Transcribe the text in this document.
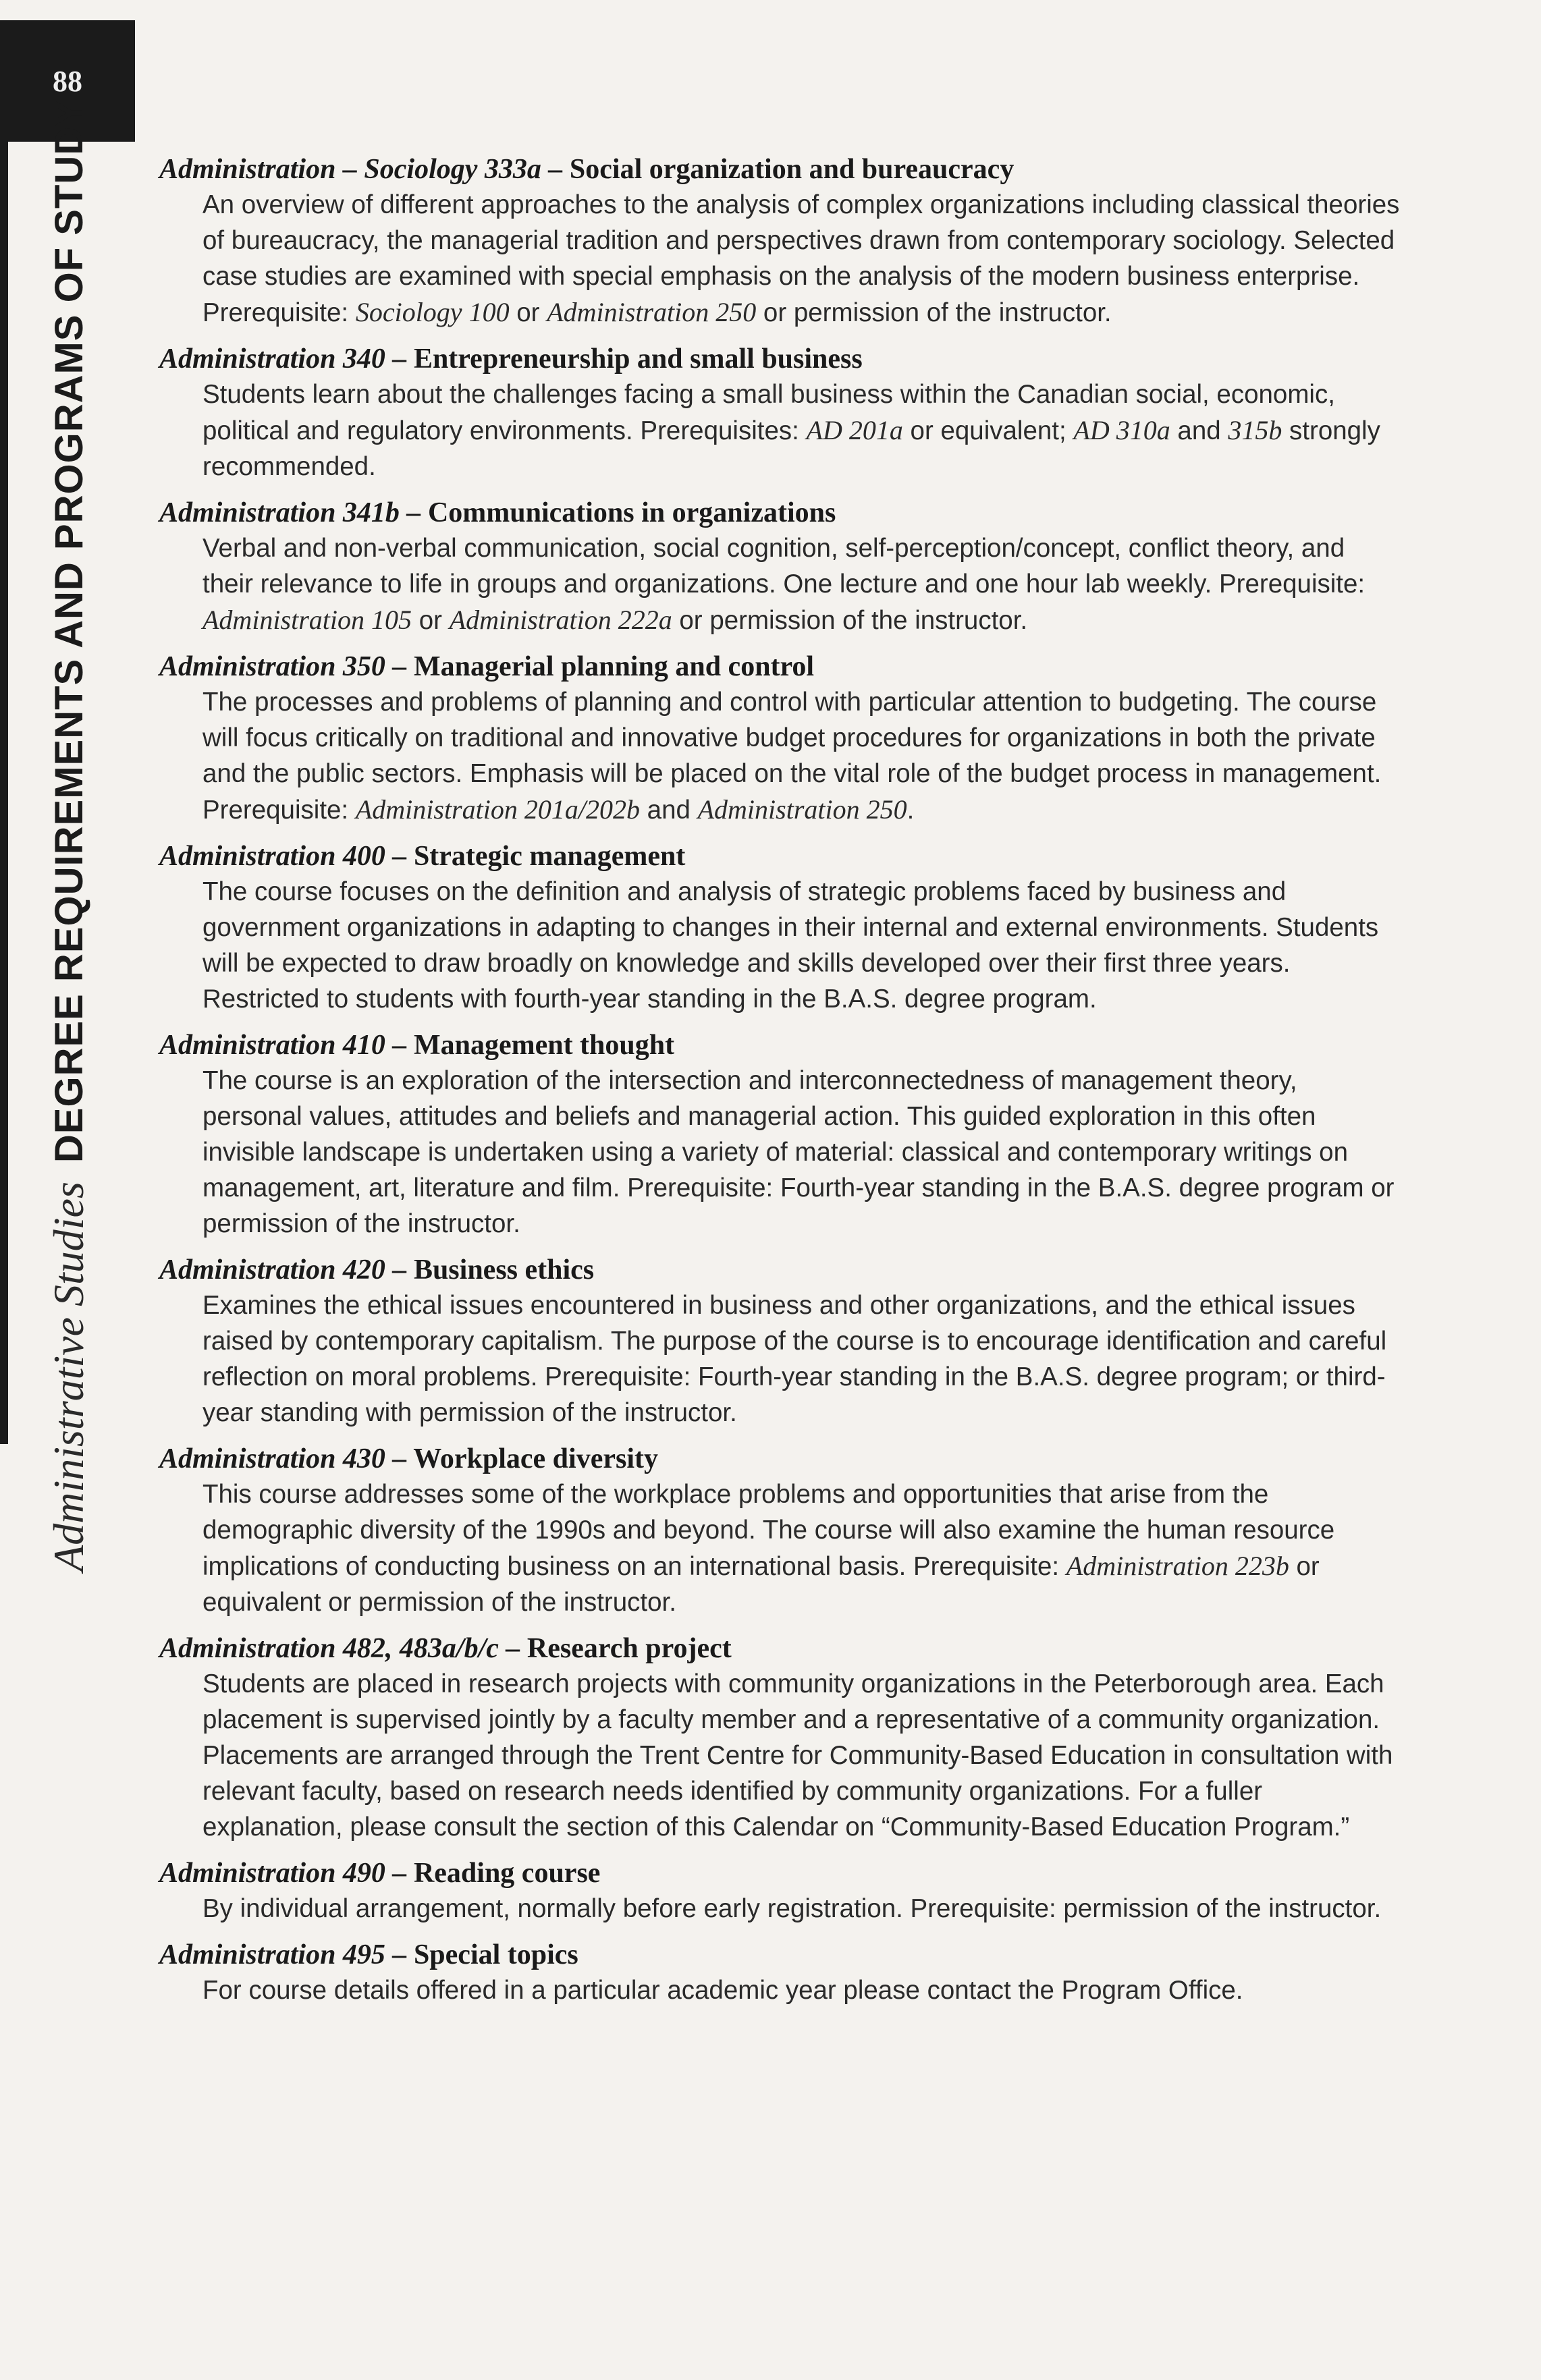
88
Administrative Studies
DEGREE REQUIREMENTS AND PROGRAMS OF STUDY Administration – Sociology 333a – Social organization and bureaucracy
An overview of different approaches to the analysis of complex organizations including classical theories of bureaucracy, the managerial tradition and perspectives drawn from contemporary sociology. Selected case studies are examined with special emphasis on the analysis of the modern business enterprise. Prerequisite: Sociology 100 or Administration 250 or permission of the instructor.
Administration 340 – Entrepreneurship and small business
Students learn about the challenges facing a small business within the Canadian social, economic, political and regulatory environments. Prerequisites: AD 201a or equivalent; AD 310a and 315b strongly recommended.
Administration 341b – Communications in organizations
Verbal and non-verbal communication, social cognition, self-perception/concept, conflict theory, and their relevance to life in groups and organizations. One lecture and one hour lab weekly. Prerequisite: Administration 105 or Administration 222a or permission of the instructor.
Administration 350 – Managerial planning and control
The processes and problems of planning and control with particular attention to budgeting. The course will focus critically on traditional and innovative budget procedures for organizations in both the private and the public sectors. Emphasis will be placed on the vital role of the budget process in management. Prerequisite: Administration 201a/202b and Administration 250.
Administration 400 – Strategic management
The course focuses on the definition and analysis of strategic problems faced by business and government organizations in adapting to changes in their internal and external environments. Students will be expected to draw broadly on knowledge and skills developed over their first three years. Restricted to students with fourth-year standing in the B.A.S. degree program.
Administration 410 – Management thought
The course is an exploration of the intersection and interconnectedness of management theory, personal values, attitudes and beliefs and managerial action. This guided exploration in this often invisible landscape is undertaken using a variety of material: classical and contemporary writings on management, art, literature and film. Prerequisite: Fourth-year standing in the B.A.S. degree program or permission of the instructor.
Administration 420 – Business ethics
Examines the ethical issues encountered in business and other organizations, and the ethical issues raised by contemporary capitalism. The purpose of the course is to encourage identification and careful reflection on moral problems. Prerequisite: Fourth-year standing in the B.A.S. degree program; or third-year standing with permission of the instructor.
Administration 430 – Workplace diversity
This course addresses some of the workplace problems and opportunities that arise from the demographic diversity of the 1990s and beyond. The course will also examine the human resource implications of conducting business on an international basis. Prerequisite: Administration 223b or equivalent or permission of the instructor.
Administration 482, 483a/b/c – Research project
Students are placed in research projects with community organizations in the Peterborough area. Each placement is supervised jointly by a faculty member and a representative of a community organization. Placements are arranged through the Trent Centre for Community-Based Education in consultation with relevant faculty, based on research needs identified by community organizations. For a fuller explanation, please consult the section of this Calendar on “Community-Based Education Program.”
Administration 490 – Reading course
By individual arrangement, normally before early registration. Prerequisite: permission of the instructor.
Administration 495 – Special topics
For course details offered in a particular academic year please contact the Program Office.
